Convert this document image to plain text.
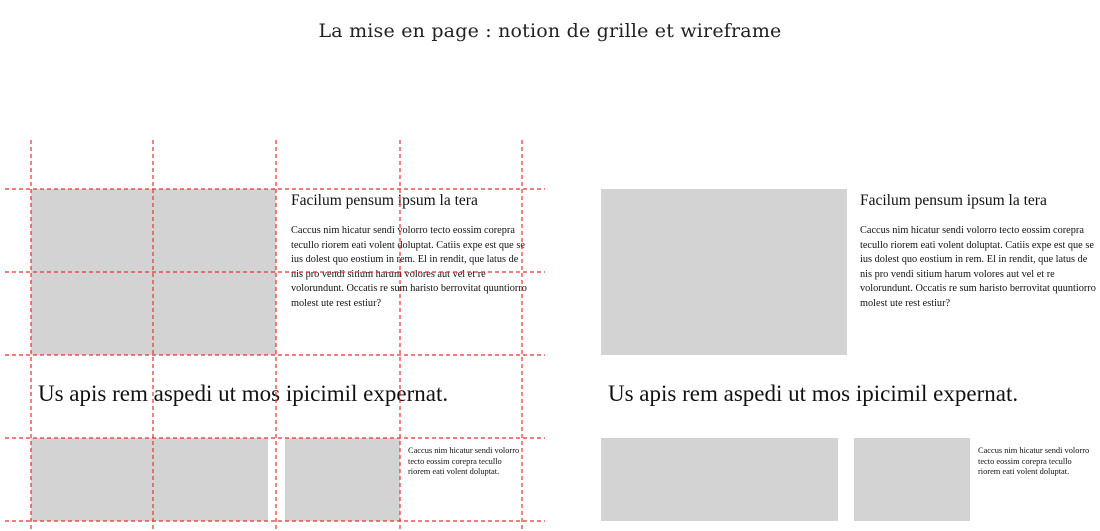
La mise en page : notion de grille et wireframe
Facilum pensum ipsum la tera
Caccus nim hicatur sendi volorro tecto eossim corepra tecullo riorem eati volent doluptat. Catiis expe est que se ius dolest quo eostium in rem. El in rendit, que latus de nis pro vendi sitium harum volores aut vel et re volorundunt. Occatis re sum haristo berrovitat quuntiorro molest ute rest estiur?
Us apis rem aspedi ut mos ipicimil expernat.
Caccus nim hicatur sendi volorro tecto eossim corepra tecullo riorem eati volent doluptat.
Facilum pensum ipsum la tera
Caccus nim hicatur sendi volorro tecto eossim corepra tecullo riorem eati volent doluptat. Catiis expe est que se ius dolest quo eostium in rem. El in rendit, que latus de nis pro vendi sitium harum volores aut vel et re volorundunt. Occatis re sum haristo berrovitat quuntiorro molest ute rest estiur?
Us apis rem aspedi ut mos ipicimil expernat.
Caccus nim hicatur sendi volorro tecto eossim corepra tecullo riorem eati volent doluptat.
